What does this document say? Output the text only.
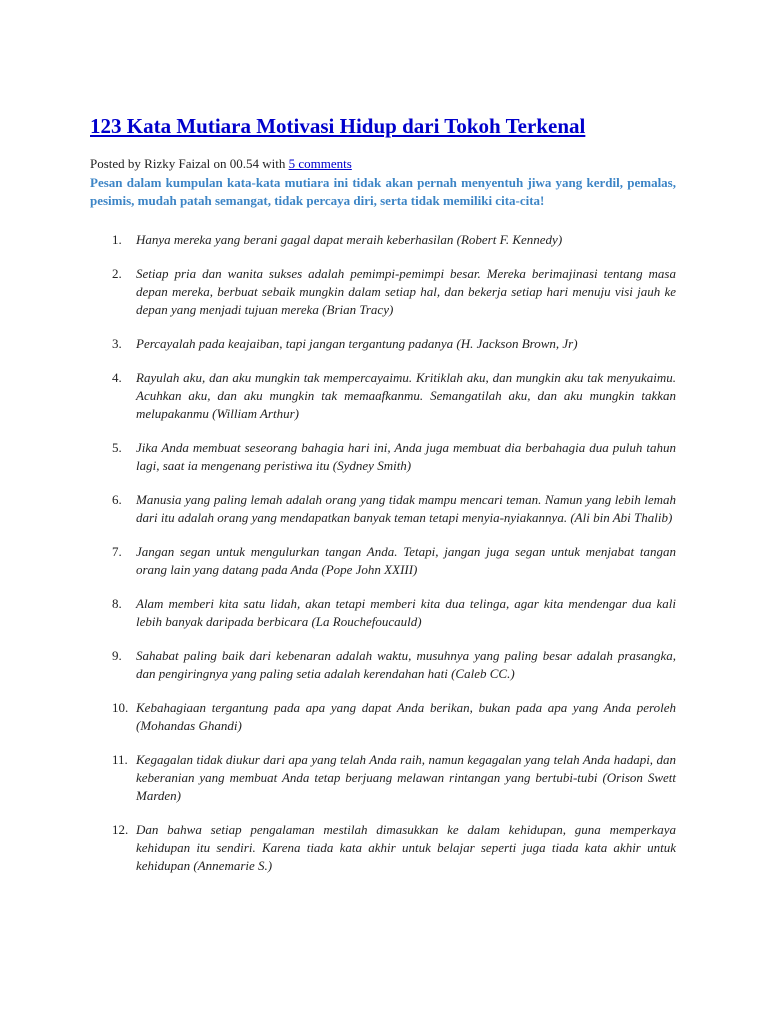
123 Kata Mutiara Motivasi Hidup dari Tokoh Terkenal
Posted by Rizky Faizal on 00.54 with 5 comments
Pesan dalam kumpulan kata-kata mutiara ini tidak akan pernah menyentuh jiwa yang kerdil, pemalas, pesimis, mudah patah semangat, tidak percaya diri, serta tidak memiliki cita-cita!
1.	Hanya mereka yang berani gagal dapat meraih keberhasilan (Robert F. Kennedy)
2.	Setiap pria dan wanita sukses adalah pemimpi-pemimpi besar. Mereka berimajinasi tentang masa depan mereka, berbuat sebaik mungkin dalam setiap hal, dan bekerja setiap hari menuju visi jauh ke depan yang menjadi tujuan mereka (Brian Tracy)
3.	Percayalah pada keajaiban, tapi jangan tergantung padanya (H. Jackson Brown, Jr)
4.	Rayulah aku, dan aku mungkin tak mempercayaimu. Kritiklah aku, dan mungkin aku tak menyukaimu. Acuhkan aku, dan aku mungkin tak memaafkanmu. Semangatilah aku, dan aku mungkin takkan melupakanmu (William Arthur)
5.	Jika Anda membuat seseorang bahagia hari ini, Anda juga membuat dia berbahagia dua puluh tahun lagi, saat ia mengenang peristiwa itu (Sydney Smith)
6.	Manusia yang paling lemah adalah orang yang tidak mampu mencari teman. Namun yang lebih lemah dari itu adalah orang yang mendapatkan banyak teman tetapi menyia-nyiakannya. (Ali bin Abi Thalib)
7.	Jangan segan untuk mengulurkan tangan Anda. Tetapi, jangan juga segan untuk menjabat tangan orang lain yang datang pada Anda (Pope John XXIII)
8.	Alam memberi kita satu lidah, akan tetapi memberi kita dua telinga, agar kita mendengar dua kali lebih banyak daripada berbicara (La Rouchefoucauld)
9.	Sahabat paling baik dari kebenaran adalah waktu, musuhnya yang paling besar adalah prasangka, dan pengiringnya yang paling setia adalah kerendahan hati (Caleb CC.)
10. Kebahagiaan tergantung pada apa yang dapat Anda berikan, bukan pada apa yang Anda peroleh (Mohandas Ghandi)
11. Kegagalan tidak diukur dari apa yang telah Anda raih, namun kegagalan yang telah Anda hadapi, dan keberanian yang membuat Anda tetap berjuang melawan rintangan yang bertubi-tubi (Orison Swett Marden)
12. Dan bahwa setiap pengalaman mestilah dimasukkan ke dalam kehidupan, guna memperkaya kehidupan itu sendiri. Karena tiada kata akhir untuk belajar seperti juga tiada kata akhir untuk kehidupan (Annemarie S.)
